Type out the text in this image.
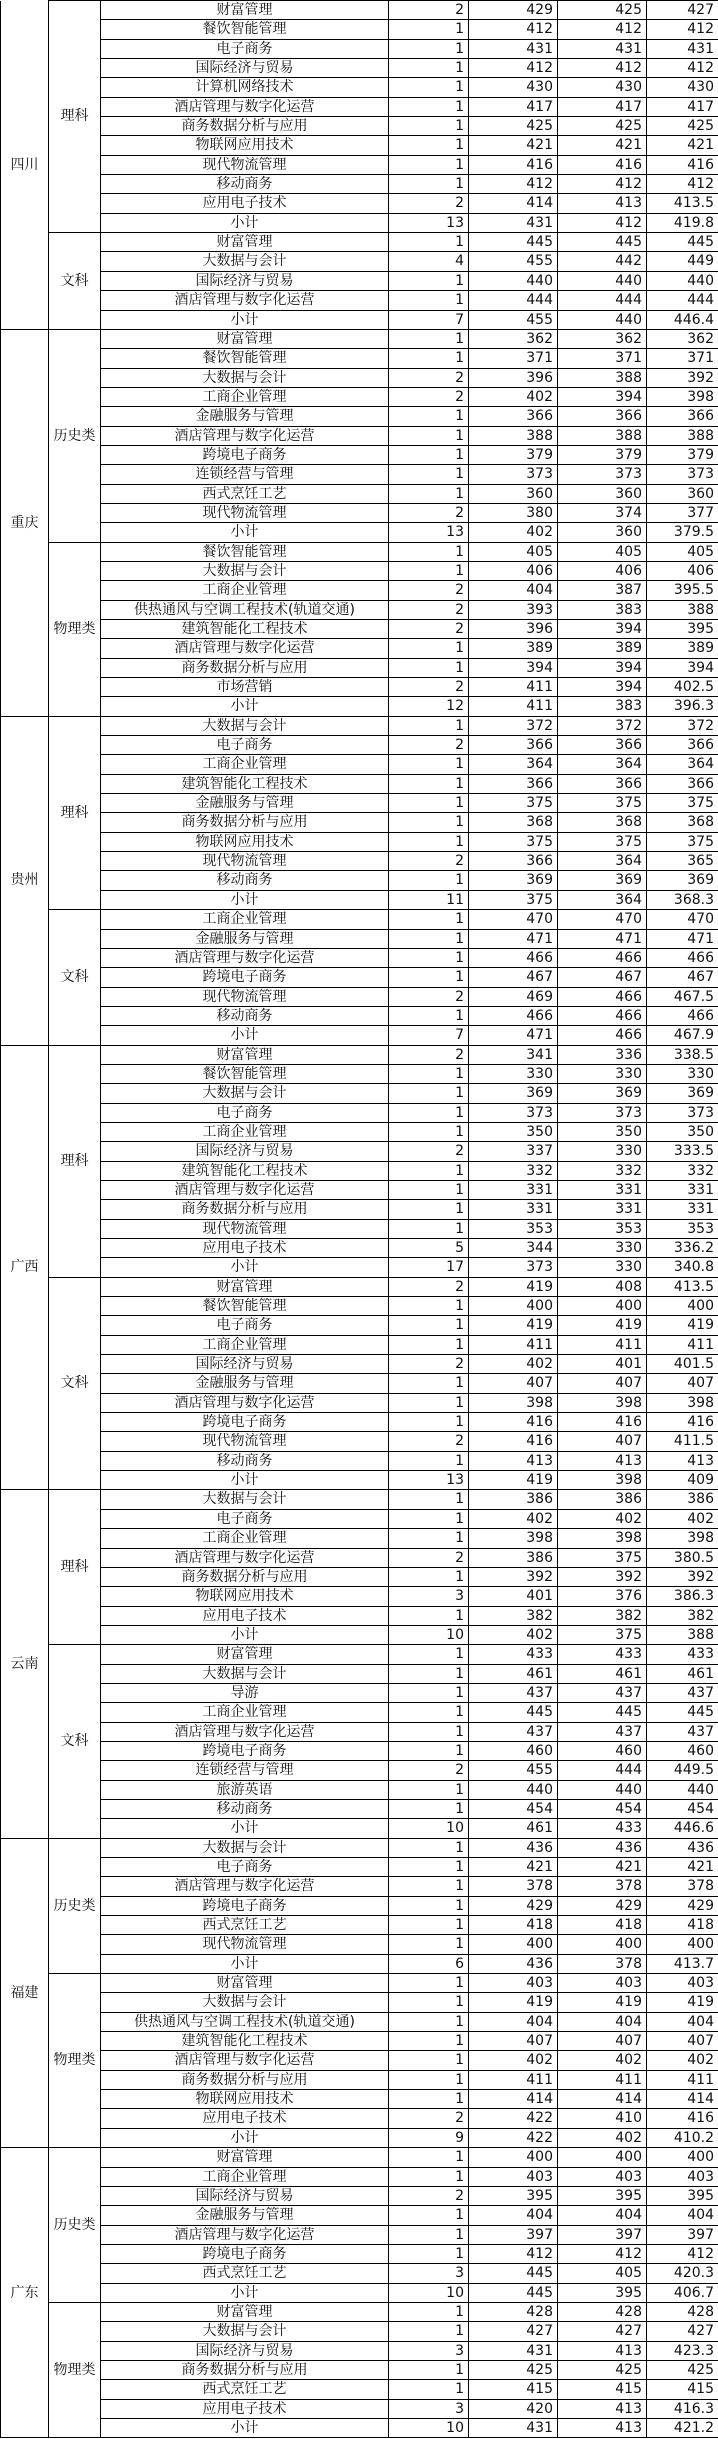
四川	理科	财富管理	2	429	425	427
		餐饮智能管理	1	412	412	412
		电子商务	1	431	431	431
		国际经济与贸易	1	412	412	412
		计算机网络技术	1	430	430	430
		酒店管理与数字化运营	1	417	417	417
		商务数据分析与应用	1	425	425	425
		物联网应用技术	1	421	421	421
		现代物流管理	1	416	416	416
		移动商务	1	412	412	412
		应用电子技术	2	414	413	413.5
		小计	13	431	412	419.8
	文科	财富管理	1	445	445	445
		大数据与会计	4	455	442	449
		国际经济与贸易	1	440	440	440
		酒店管理与数字化运营	1	444	444	444
		小计	7	455	440	446.4
重庆	历史类	财富管理	1	362	362	362
		餐饮智能管理	1	371	371	371
		大数据与会计	2	396	388	392
		工商企业管理	2	402	394	398
		金融服务与管理	1	366	366	366
		酒店管理与数字化运营	1	388	388	388
		跨境电子商务	1	379	379	379
		连锁经营与管理	1	373	373	373
		西式烹饪工艺	1	360	360	360
		现代物流管理	2	380	374	377
		小计	13	402	360	379.5
	物理类	餐饮智能管理	1	405	405	405
		大数据与会计	1	406	406	406
		工商企业管理	2	404	387	395.5
		供热通风与空调工程技术(轨道交通)	2	393	383	388
		建筑智能化工程技术	2	396	394	395
		酒店管理与数字化运营	1	389	389	389
		商务数据分析与应用	1	394	394	394
		市场营销	2	411	394	402.5
		小计	12	411	383	396.3
贵州	理科	大数据与会计	1	372	372	372
		电子商务	2	366	366	366
		工商企业管理	1	364	364	364
		建筑智能化工程技术	1	366	366	366
		金融服务与管理	1	375	375	375
		商务数据分析与应用	1	368	368	368
		物联网应用技术	1	375	375	375
		现代物流管理	2	366	364	365
		移动商务	1	369	369	369
		小计	11	375	364	368.3
	文科	工商企业管理	1	470	470	470
		金融服务与管理	1	471	471	471
		酒店管理与数字化运营	1	466	466	466
		跨境电子商务	1	467	467	467
		现代物流管理	2	469	466	467.5
		移动商务	1	466	466	466
		小计	7	471	466	467.9
广西	理科	财富管理	2	341	336	338.5
		餐饮智能管理	1	330	330	330
		大数据与会计	1	369	369	369
		电子商务	1	373	373	373
		工商企业管理	1	350	350	350
		国际经济与贸易	2	337	330	333.5
		建筑智能化工程技术	1	332	332	332
		酒店管理与数字化运营	1	331	331	331
		商务数据分析与应用	1	331	331	331
		现代物流管理	1	353	353	353
		应用电子技术	5	344	330	336.2
		小计	17	373	330	340.8
	文科	财富管理	2	419	408	413.5
		餐饮智能管理	1	400	400	400
		电子商务	1	419	419	419
		工商企业管理	1	411	411	411
		国际经济与贸易	2	402	401	401.5
		金融服务与管理	1	407	407	407
		酒店管理与数字化运营	1	398	398	398
		跨境电子商务	1	416	416	416
		现代物流管理	2	416	407	411.5
		移动商务	1	413	413	413
		小计	13	419	398	409
云南	理科	大数据与会计	1	386	386	386
		电子商务	1	402	402	402
		工商企业管理	1	398	398	398
		酒店管理与数字化运营	2	386	375	380.5
		商务数据分析与应用	1	392	392	392
		物联网应用技术	3	401	376	386.3
		应用电子技术	1	382	382	382
		小计	10	402	375	388
	文科	财富管理	1	433	433	433
		大数据与会计	1	461	461	461
		导游	1	437	437	437
		工商企业管理	1	445	445	445
		酒店管理与数字化运营	1	437	437	437
		跨境电子商务	1	460	460	460
		连锁经营与管理	2	455	444	449.5
		旅游英语	1	440	440	440
		移动商务	1	454	454	454
		小计	10	461	433	446.6
福建	历史类	大数据与会计	1	436	436	436
		电子商务	1	421	421	421
		酒店管理与数字化运营	1	378	378	378
		跨境电子商务	1	429	429	429
		西式烹饪工艺	1	418	418	418
		现代物流管理	1	400	400	400
		小计	6	436	378	413.7
	物理类	财富管理	1	403	403	403
		大数据与会计	1	419	419	419
		供热通风与空调工程技术(轨道交通)	1	404	404	404
		建筑智能化工程技术	1	407	407	407
		酒店管理与数字化运营	1	402	402	402
		商务数据分析与应用	1	411	411	411
		物联网应用技术	1	414	414	414
		应用电子技术	2	422	410	416
		小计	9	422	402	410.2
广东	历史类	财富管理	1	400	400	400
		工商企业管理	1	403	403	403
		国际经济与贸易	2	395	395	395
		金融服务与管理	1	404	404	404
		酒店管理与数字化运营	1	397	397	397
		跨境电子商务	1	412	412	412
		西式烹饪工艺	3	445	405	420.3
		小计	10	445	395	406.7
	物理类	财富管理	1	428	428	428
		大数据与会计	1	427	427	427
		国际经济与贸易	3	431	413	423.3
		商务数据分析与应用	1	425	425	425
		西式烹饪工艺	1	415	415	415
		应用电子技术	3	420	413	416.3
		小计	10	431	413	421.2
